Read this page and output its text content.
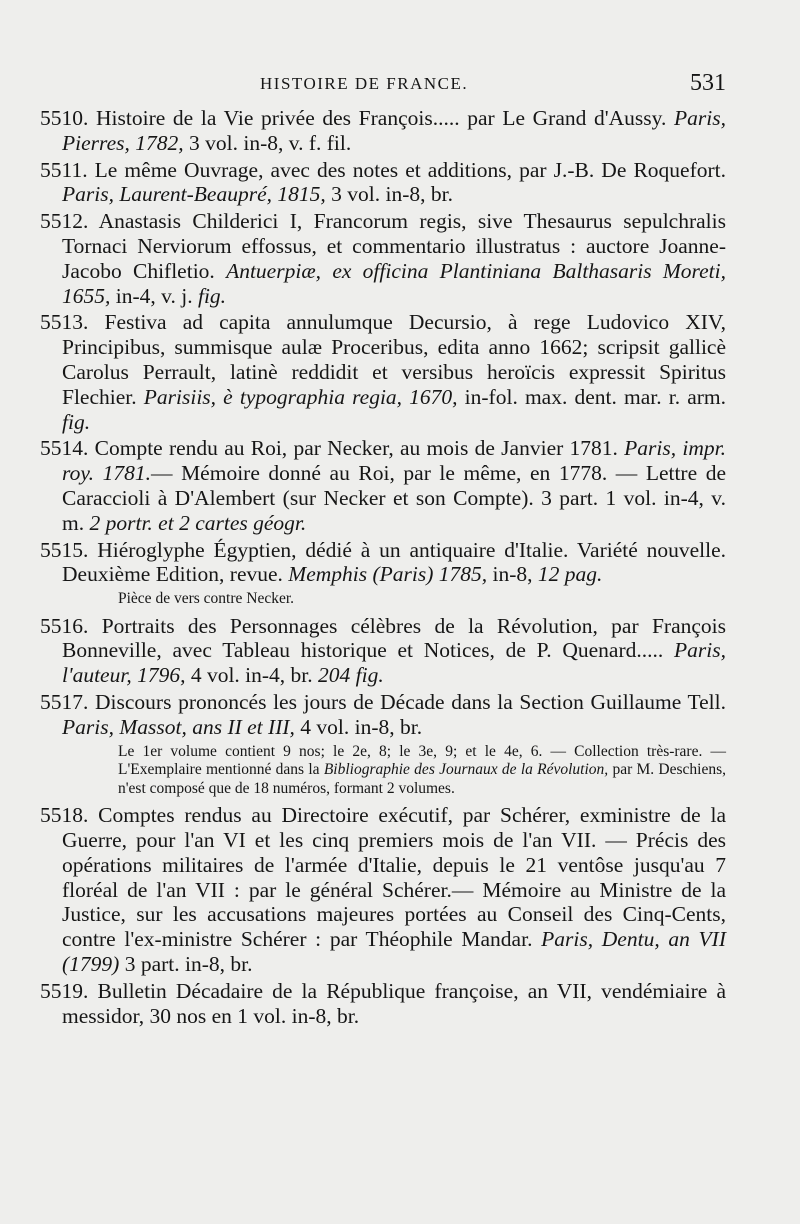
HISTOIRE DE FRANCE.	531

5510. Histoire de la Vie privée des François..... par Le Grand d'Aussy. Paris, Pierres, 1782, 3 vol. in-8, v. f. fil.

5511. Le même Ouvrage, avec des notes et additions, par J.-B. De Roquefort. Paris, Laurent-Beaupré, 1815, 3 vol. in-8, br.

5512. Anastasis Childerici I, Francorum regis, sive Thesaurus sepulchralis Tornaci Nerviorum effossus, et commentario illustratus : auctore Joanne-Jacobo Chifletio. Antuerpiæ, ex officina Plantiniana Balthasaris Moreti, 1655, in-4, v. j. fig.

5513. Festiva ad capita annulumque Decursio, à rege Ludovico XIV, Principibus, summisque aulæ Proceribus, edita anno 1662; scripsit gallicè Carolus Perrault, latinè reddidit et versibus heroïcis expressit Spiritus Flechier. Parisiis, è typographia regia, 1670, in-fol. max. dent. mar. r. arm. fig.

5514. Compte rendu au Roi, par Necker, au mois de Janvier 1781. Paris, impr. roy. 1781.— Mémoire donné au Roi, par le même, en 1778. — Lettre de Caraccioli à D'Alembert (sur Necker et son Compte). 3 part. 1 vol. in-4, v. m. 2 portr. et 2 cartes géogr.

5515. Hiéroglyphe Égyptien, dédié à un antiquaire d'Italie. Variété nouvelle. Deuxième Edition, revue. Memphis (Paris) 1785, in-8, 12 pag.

Pièce de vers contre Necker.

5516. Portraits des Personnages célèbres de la Révolution, par François Bonneville, avec Tableau historique et Notices, de P. Quenard..... Paris, l'auteur, 1796, 4 vol. in-4, br. 204 fig.

5517. Discours prononcés les jours de Décade dans la Section Guillaume Tell. Paris, Massot, ans II et III, 4 vol. in-8, br.

Le 1er volume contient 9 nos; le 2e, 8; le 3e, 9; et le 4e, 6. — Collection très-rare. — L'Exemplaire mentionné dans la Bibliographie des Journaux de la Révolution, par M. Deschiens, n'est composé que de 18 numéros, formant 2 volumes.

5518. Comptes rendus au Directoire exécutif, par Schérer, exministre de la Guerre, pour l'an VI et les cinq premiers mois de l'an VII. — Précis des opérations militaires de l'armée d'Italie, depuis le 21 ventôse jusqu'au 7 floréal de l'an VII : par le général Schérer.— Mémoire au Ministre de la Justice, sur les accusations majeures portées au Conseil des Cinq-Cents, contre l'ex-ministre Schérer : par Théophile Mandar. Paris, Dentu, an VII (1799) 3 part. in-8, br.

5519. Bulletin Décadaire de la République françoise, an VII, vendémiaire à messidor, 30 nos en 1 vol. in-8, br.
